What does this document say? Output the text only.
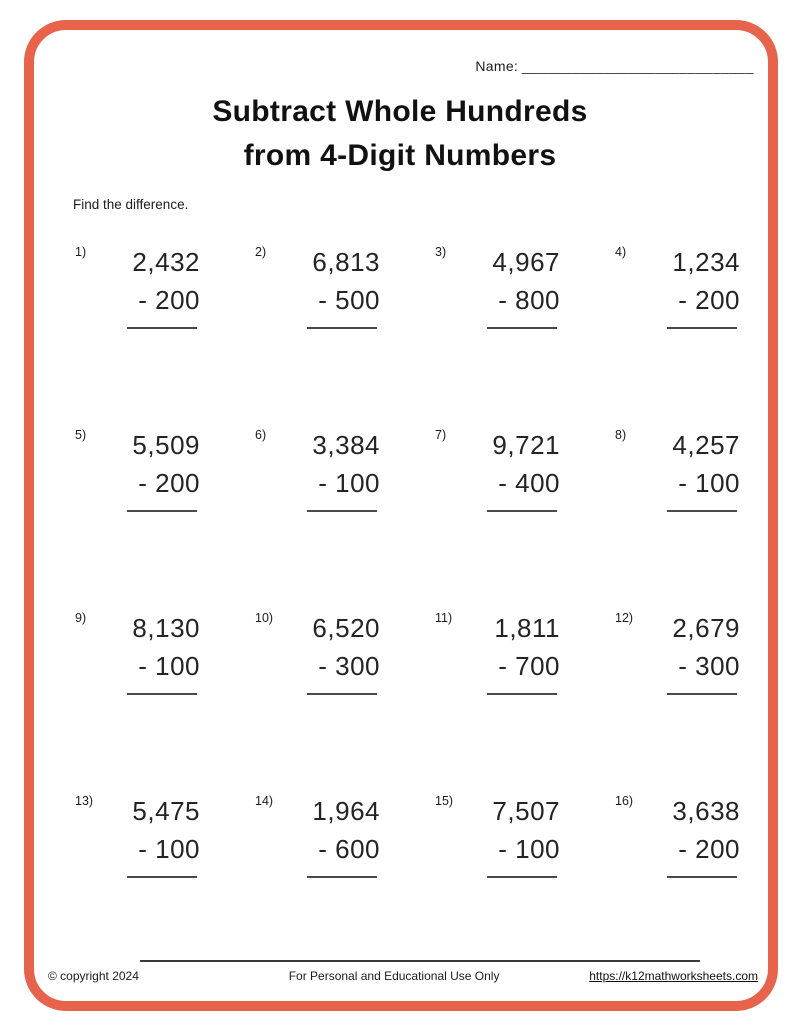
Name: ____________________________
Subtract Whole Hundreds
from 4-Digit Numbers
Find the difference.
1)	2,432
- 200
2)	6,813
- 500
3)	4,967
- 800
4)	1,234
- 200
5)	5,509
- 200
6)	3,384
- 100
7)	9,721
- 400
8)	4,257
- 100
9)	8,130
- 100
10)	6,520
- 300
11)	1,811
- 700
12)	2,679
- 300
13)	5,475
- 100
14)	1,964
- 600
15)	7,507
- 100
16)	3,638
- 200
© copyright 2024	For Personal and Educational Use Only	https://k12mathworksheets.com
